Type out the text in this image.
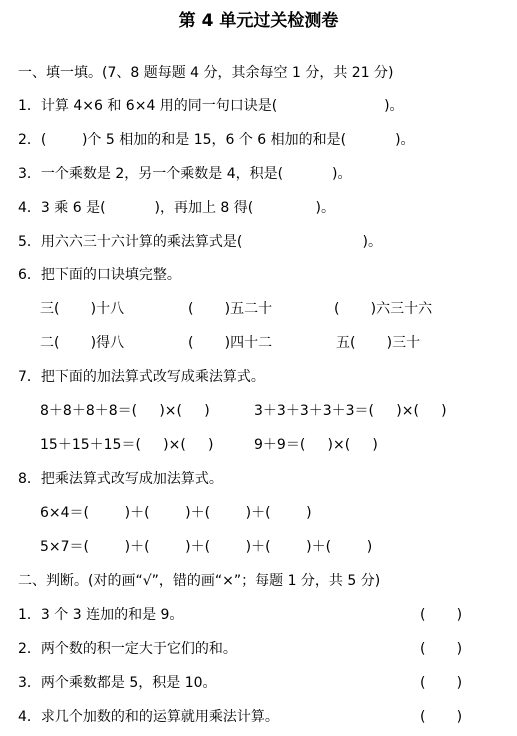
第 4 单元过关检测卷
一、填一填。(7、8 题每题 4 分，其余每空 1 分，共 21 分)
1．计算 4×6 和 6×4 用的同一句口诀是(                        )。
2．(        )个 5 相加的和是 15，6 个 6 相加的和是(           )。
3．一个乘数是 2，另一个乘数是 4，积是(           )。
4．3 乘 6 是(           )，再加上 8 得(              )。
5．用六六三十六计算的乘法算式是(                           )。
6．把下面的口诀填完整。
三(       )十八	(       )五二十	(       )六三十六
二(       )得八	(       )四十二	五(       )三十
7．把下面的加法算式改写成乘法算式。
8＋8＋8＋8＝(     )×(     )	3＋3＋3＋3＋3＝(     )×(     )
15＋15＋15＝(     )×(     )	9＋9＝(     )×(     )
8．把乘法算式改写成加法算式。
6×4＝(        )＋(        )＋(        )＋(        )
5×7＝(        )＋(        )＋(        )＋(        )＋(        )
二、判断。(对的画“√”，错的画“×”；每题 1 分，共 5 分)
1．3 个 3 连加的和是 9。	(       )
2．两个数的积一定大于它们的和。	(       )
3．两个乘数都是 5，积是 10。	(       )
4．求几个加数的和的运算就用乘法计算。	(       )
